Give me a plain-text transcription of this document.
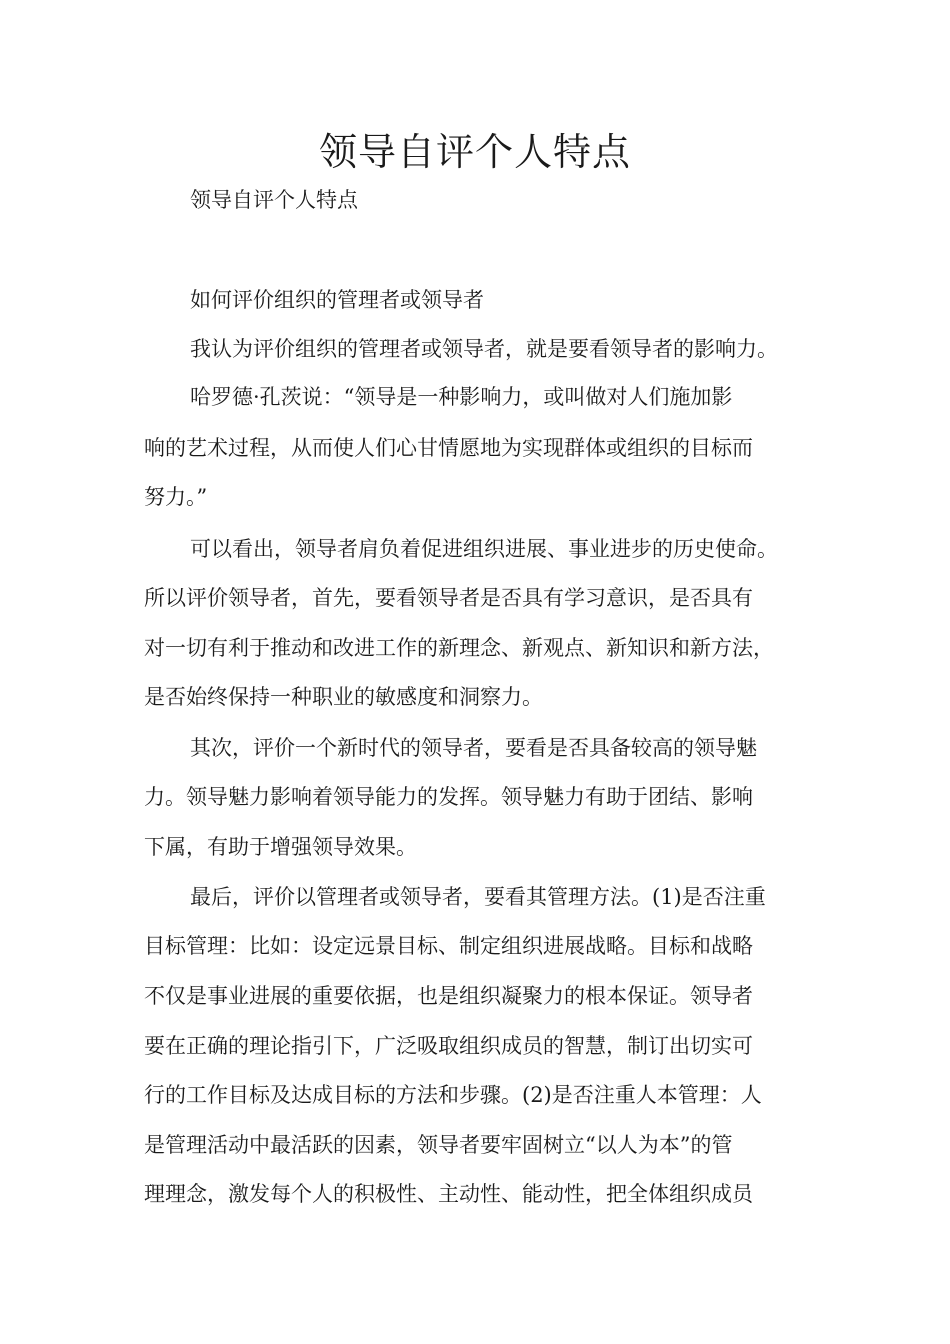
领导自评个人特点

领导自评个人特点

如何评价组织的管理者或领导者

我认为评价组织的管理者或领导者，就是要看领导者的影响力。

哈罗德·孔茨说：“领导是一种影响力，或叫做对人们施加影

响的艺术过程，从而使人们心甘情愿地为实现群体或组织的目标而

努力。”

可以看出，领导者肩负着促进组织进展、事业进步的历史使命。

所以评价领导者，首先，要看领导者是否具有学习意识，是否具有

对一切有利于推动和改进工作的新理念、新观点、新知识和新方法，

是否始终保持一种职业的敏感度和洞察力。

其次，评价一个新时代的领导者，要看是否具备较高的领导魅

力。领导魅力影响着领导能力的发挥。领导魅力有助于团结、影响

下属，有助于增强领导效果。

最后，评价以管理者或领导者，要看其管理方法。(1)是否注重

目标管理：比如：设定远景目标、制定组织进展战略。目标和战略

不仅是事业进展的重要依据，也是组织凝聚力的根本保证。领导者

要在正确的理论指引下，广泛吸取组织成员的智慧，制订出切实可

行的工作目标及达成目标的方法和步骤。(2)是否注重人本管理：人

是管理活动中最活跃的因素，领导者要牢固树立“以人为本”的管

理理念，激发每个人的积极性、主动性、能动性，把全体组织成员
